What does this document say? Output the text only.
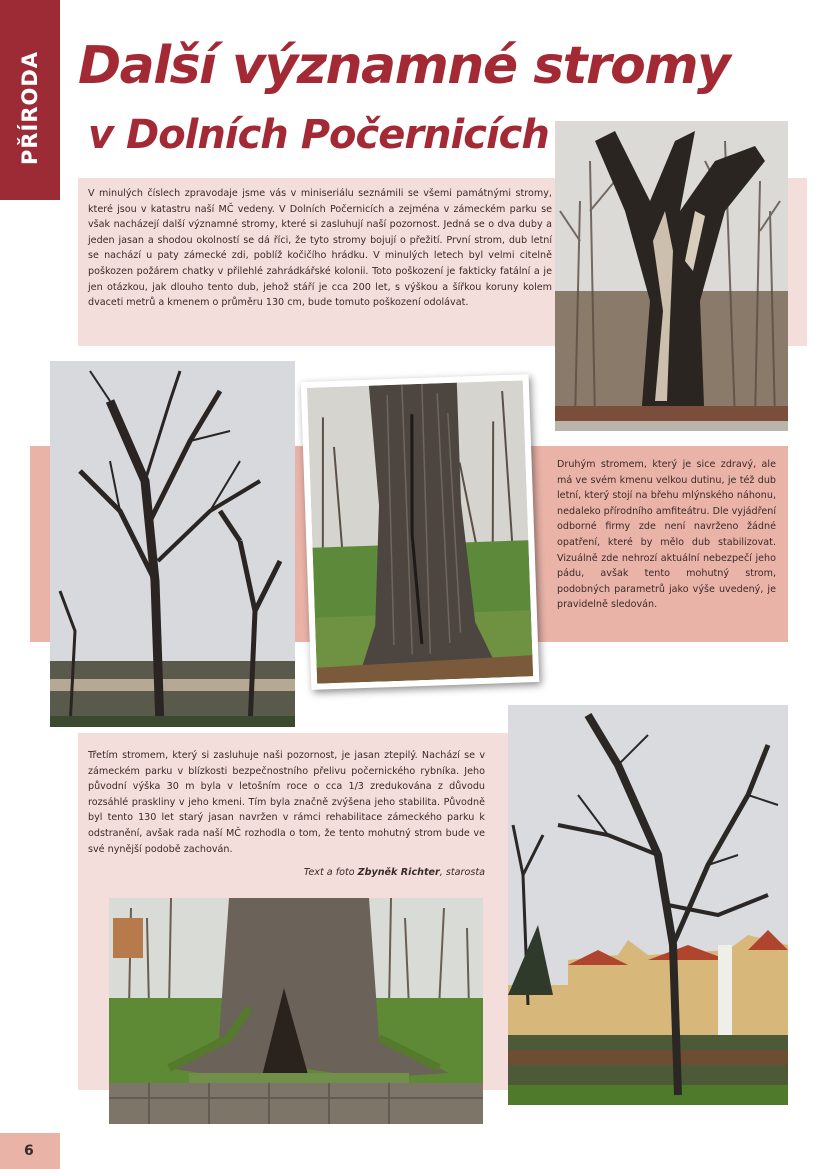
PŘÍRODA Další významné stromy
v Dolních Počernicích
V minulých číslech zpravodaje jsme vás v miniseriálu seznámili se všemi památnými stromy, které jsou v katastru naší MČ vedeny. V Dolních Počernicích a zejména v zámeckém parku se však nacházejí další významné stromy, které si zasluhují naší pozornost. Jedná se o dva duby a jeden jasan a shodou okolností se dá říci, že tyto stromy bojují o přežití. První strom, dub letní se nachází u paty zámecké zdi, poblíž kočičího hrádku. V minulých letech byl velmi citelně poškozen požárem chatky v přilehlé zahrádkářské kolonii. Toto poškození je fakticky fatální a je jen otázkou, jak dlouho tento dub, jehož stáří je cca 200 let, s výškou a šířkou koruny kolem dvaceti metrů a kmenem o průměru 130 cm, bude tomuto poškození odolávat.
Druhým stromem, který je sice zdravý, ale má ve svém kmenu velkou dutinu, je též dub letní, který stojí na břehu mlýnského náhonu, nedaleko přírodního amfiteátru. Dle vyjádření odborné firmy zde není navrženo žádné opatření, které by mělo dub stabilizovat. Vizuálně zde nehrozí aktuální nebezpečí jeho pádu, avšak tento mohutný strom, podobných parametrů jako výše uvedený, je pravidelně sledován.
Třetím stromem, který si zasluhuje naši pozornost, je jasan ztepilý. Nachází se v zámeckém parku v blízkosti bezpečnostního přelivu počernického rybníka. Jeho původní výška 30 m byla v letošním roce o cca 1/3 zredukována z důvodu rozsáhlé praskliny v jeho kmeni. Tím byla značně zvýšena jeho stabilita. Původně byl tento 130 let starý jasan navržen v rámci rehabilitace zámeckého parku k odstranění, avšak rada naší MČ rozhodla o tom, že tento mohutný strom bude ve své nynější podobě zachován.
Text a foto Zbyněk Richter, starosta
6
